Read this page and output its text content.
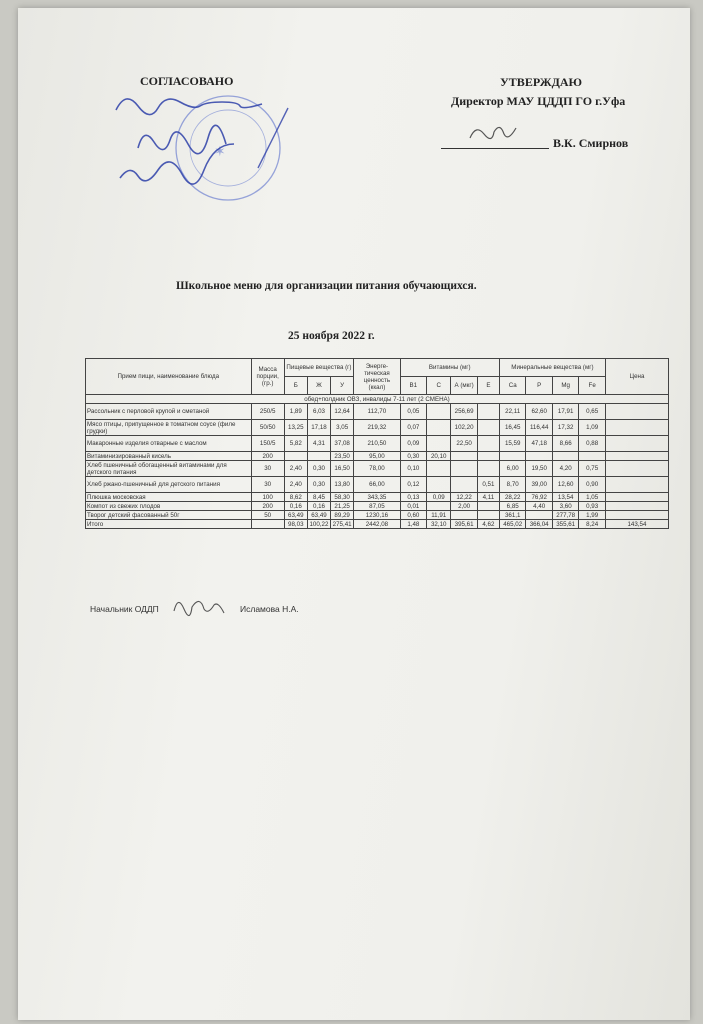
СОГЛАСОВАНО
✶
УТВЕРЖДАЮ
Директор МАУ ЦДДП ГО г.Уфа
В.К. Смирнов
Школьное меню для организации питания обучающихся.
25 ноября 2022 г.
Прием пищи, наименование блюда	Масса порции, (гр.)	Пищевые вещества (г)			Энерге-тическая ценность (ккал)	Витамины (мг)				Минеральные вещества (мг)				Цена
		Б	Ж	У		В1	С	А (мкг)	Е	Са	Р	Мg	Fe	
обед+полдник ОВЗ, инвалиды 7-11 лет (2 СМЕНА)														
Рассольник с перловой крупой и сметаной	250/5	1,89	6,03	12,64	112,70	0,05		256,69		22,11	62,60	17,91	0,65	
Мясо птицы, припущенное в томатном соусе (филе грудки)	50/50	13,25	17,18	3,05	219,32	0,07		102,20		16,45	116,44	17,32	1,09	
Макаронные изделия отварные с маслом	150/5	5,82	4,31	37,08	210,50	0,09		22,50		15,59	47,18	8,66	0,88	
Витаминизированный кисель	200			23,50	95,00	0,30	20,10							
Хлеб пшеничный обогащенный витаминами для детского питания	30	2,40	0,30	16,50	78,00	0,10				6,00	19,50	4,20	0,75	
Хлеб ржано-пшеничный для детского питания	30	2,40	0,30	13,80	66,00	0,12			0,51	8,70	39,00	12,60	0,90	
Плюшка московская	100	8,62	8,45	58,30	343,35	0,13	0,09	12,22	4,11	28,22	76,92	13,54	1,05	
Компот из свежих плодов	200	0,16	0,16	21,25	87,05	0,01		2,00		6,85	4,40	3,60	0,93	
Творог детский фасованный 50г	50	63,49	63,49	89,29	1230,16	0,60	11,91			361,1		277,78	1,99	
Итого		98,03	100,22	275,41	2442,08	1,48	32,10	395,61	4,62	465,02	366,04	355,61	8,24	143,54
Начальник ОДДП	Исламова Н.А.
